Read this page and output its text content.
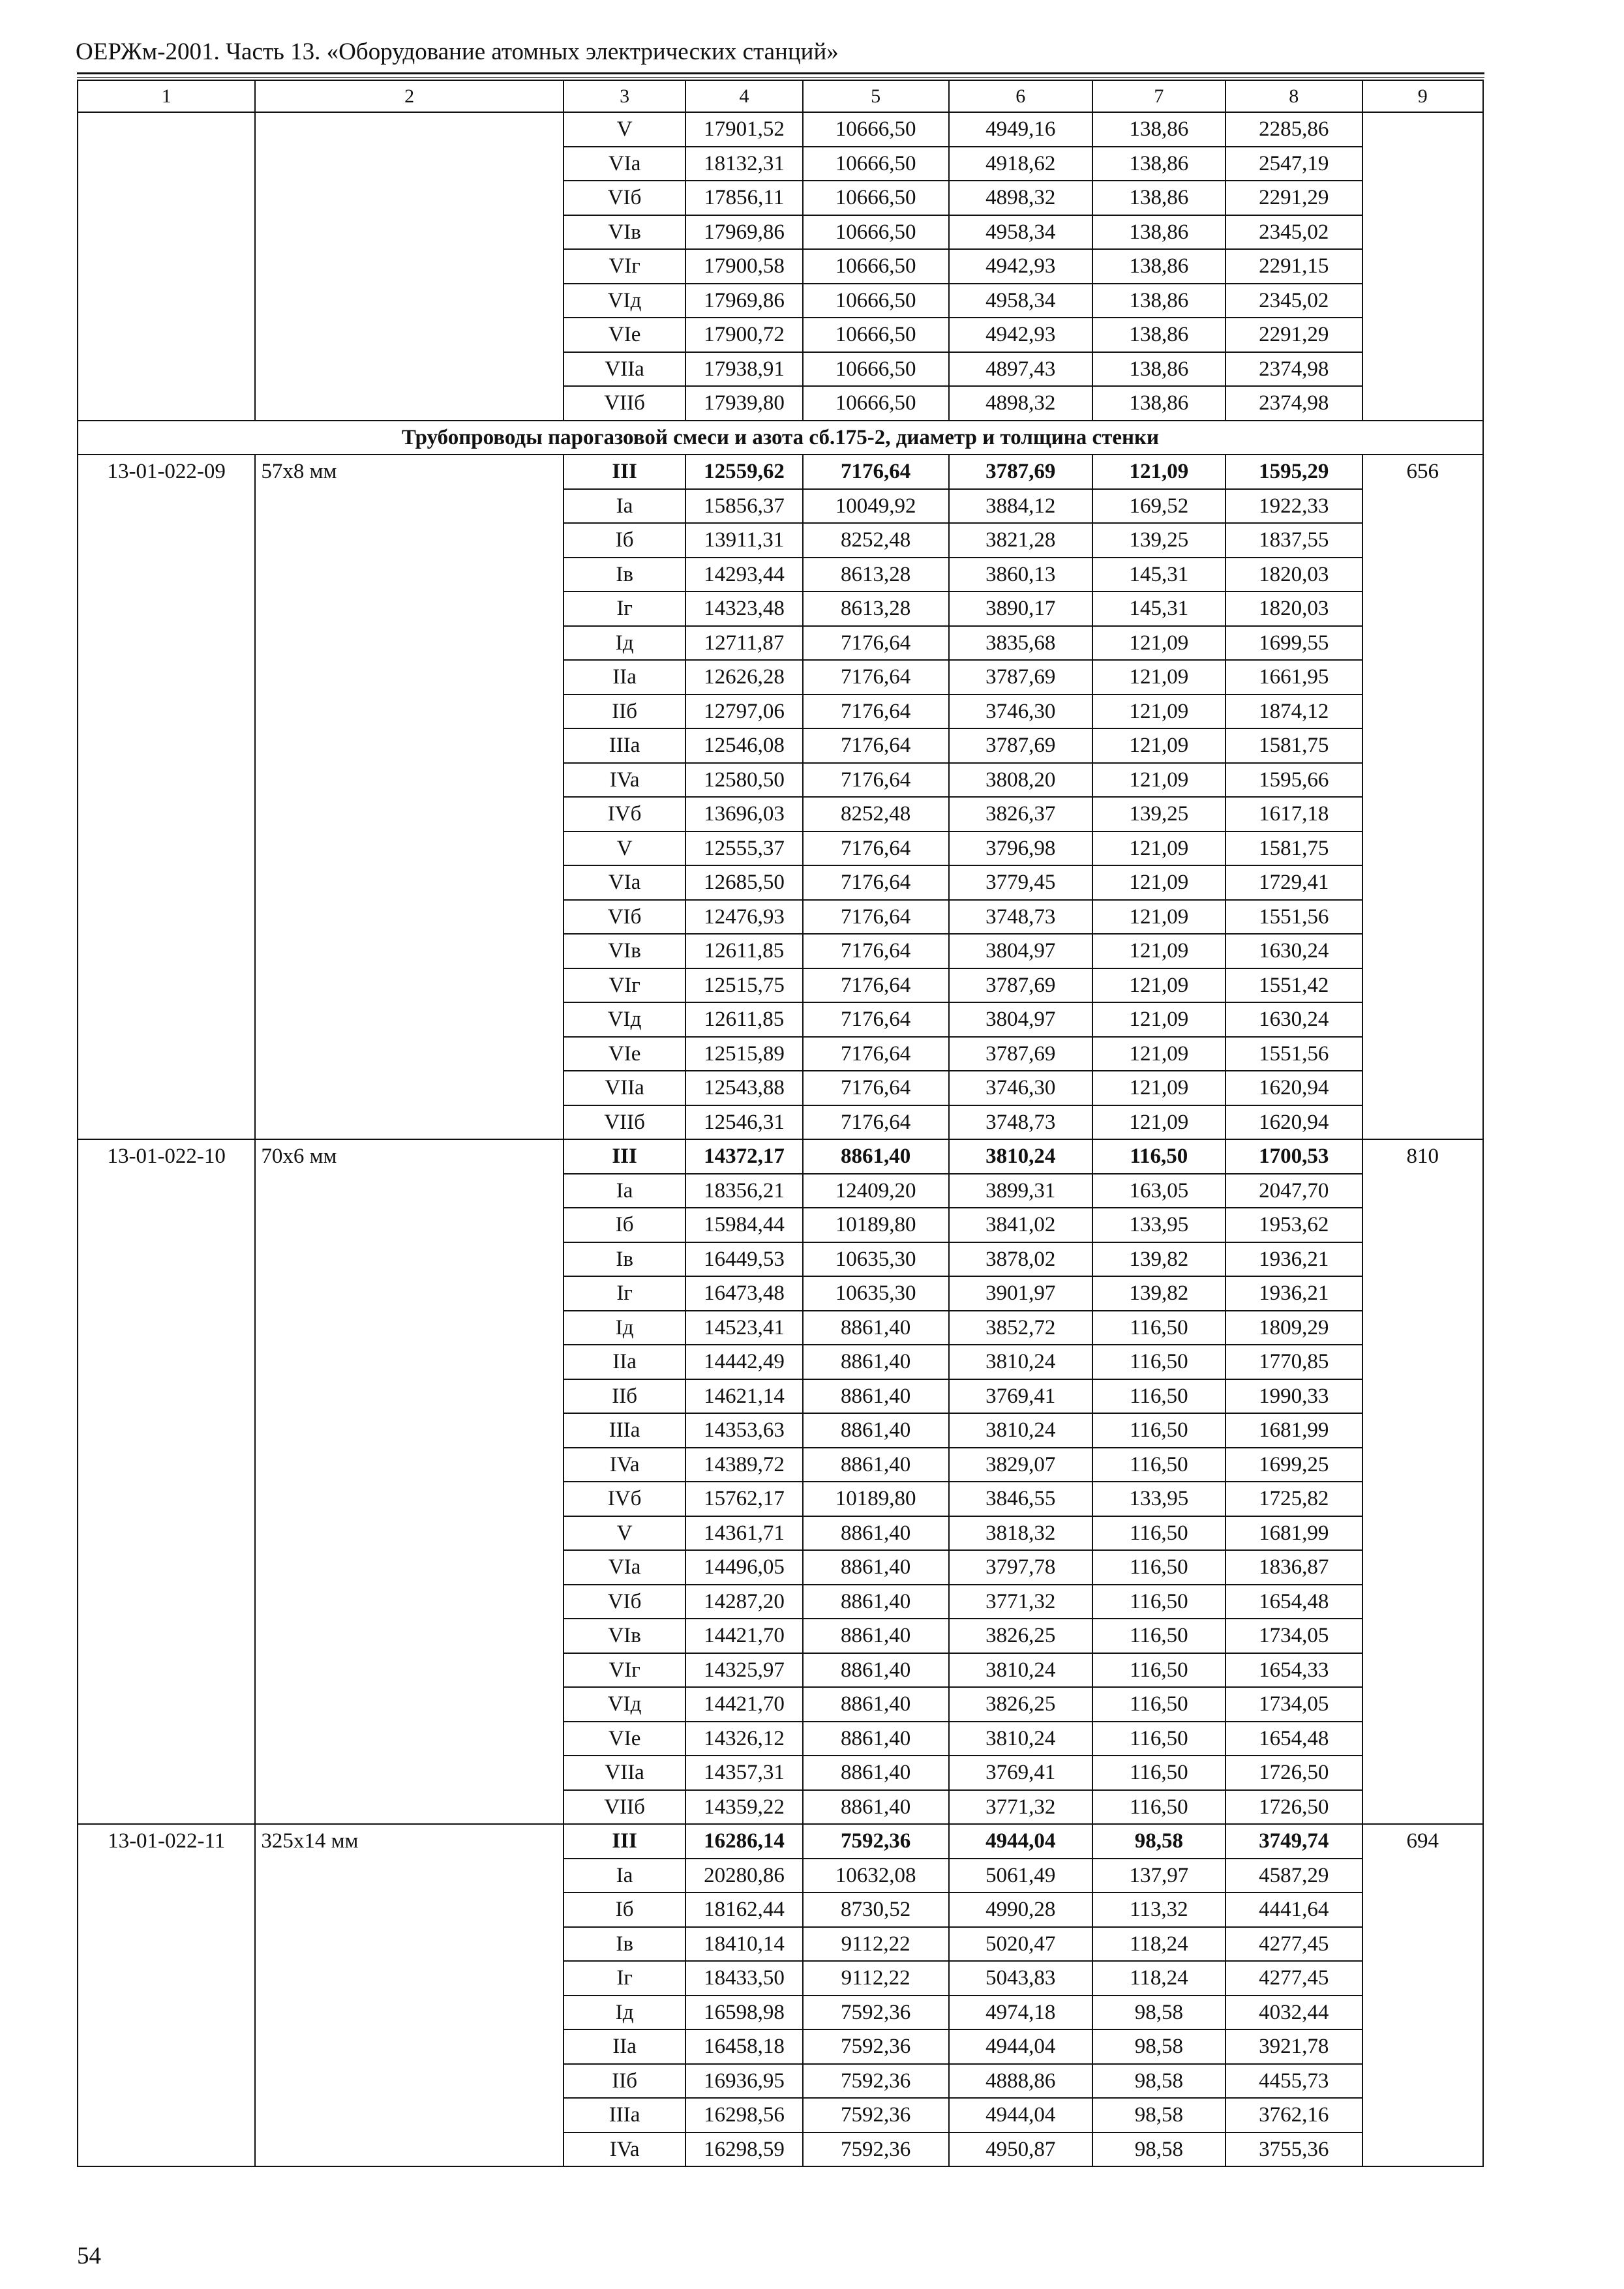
ОЕРЖм-2001. Часть 13. «Оборудование атомных электрических станций»
1	2	3	4	5	6	7	8	9
		V	17901,52	10666,50	4949,16	138,86	2285,86	
		VIa	18132,31	10666,50	4918,62	138,86	2547,19	
		VIб	17856,11	10666,50	4898,32	138,86	2291,29	
		VIв	17969,86	10666,50	4958,34	138,86	2345,02	
		VIг	17900,58	10666,50	4942,93	138,86	2291,15	
		VIд	17969,86	10666,50	4958,34	138,86	2345,02	
		VIe	17900,72	10666,50	4942,93	138,86	2291,29	
		VIIa	17938,91	10666,50	4897,43	138,86	2374,98	
		VIIб	17939,80	10666,50	4898,32	138,86	2374,98	
Трубопроводы парогазовой смеси и азота сб.175-2, диаметр и толщина стенки								
13-01-022-09	57x8 мм	III	12559,62	7176,64	3787,69	121,09	1595,29	656
		Ia	15856,37	10049,92	3884,12	169,52	1922,33	
		Iб	13911,31	8252,48	3821,28	139,25	1837,55	
		Iв	14293,44	8613,28	3860,13	145,31	1820,03	
		Iг	14323,48	8613,28	3890,17	145,31	1820,03	
		Iд	12711,87	7176,64	3835,68	121,09	1699,55	
		IIa	12626,28	7176,64	3787,69	121,09	1661,95	
		IIб	12797,06	7176,64	3746,30	121,09	1874,12	
		IIIa	12546,08	7176,64	3787,69	121,09	1581,75	
		IVa	12580,50	7176,64	3808,20	121,09	1595,66	
		IVб	13696,03	8252,48	3826,37	139,25	1617,18	
		V	12555,37	7176,64	3796,98	121,09	1581,75	
		VIa	12685,50	7176,64	3779,45	121,09	1729,41	
		VIб	12476,93	7176,64	3748,73	121,09	1551,56	
		VIв	12611,85	7176,64	3804,97	121,09	1630,24	
		VIг	12515,75	7176,64	3787,69	121,09	1551,42	
		VIд	12611,85	7176,64	3804,97	121,09	1630,24	
		VIe	12515,89	7176,64	3787,69	121,09	1551,56	
		VIIa	12543,88	7176,64	3746,30	121,09	1620,94	
		VIIб	12546,31	7176,64	3748,73	121,09	1620,94	
13-01-022-10	70x6 мм	III	14372,17	8861,40	3810,24	116,50	1700,53	810
		Ia	18356,21	12409,20	3899,31	163,05	2047,70	
		Iб	15984,44	10189,80	3841,02	133,95	1953,62	
		Iв	16449,53	10635,30	3878,02	139,82	1936,21	
		Iг	16473,48	10635,30	3901,97	139,82	1936,21	
		Iд	14523,41	8861,40	3852,72	116,50	1809,29	
		IIa	14442,49	8861,40	3810,24	116,50	1770,85	
		IIб	14621,14	8861,40	3769,41	116,50	1990,33	
		IIIa	14353,63	8861,40	3810,24	116,50	1681,99	
		IVa	14389,72	8861,40	3829,07	116,50	1699,25	
		IVб	15762,17	10189,80	3846,55	133,95	1725,82	
		V	14361,71	8861,40	3818,32	116,50	1681,99	
		VIa	14496,05	8861,40	3797,78	116,50	1836,87	
		VIб	14287,20	8861,40	3771,32	116,50	1654,48	
		VIв	14421,70	8861,40	3826,25	116,50	1734,05	
		VIг	14325,97	8861,40	3810,24	116,50	1654,33	
		VIд	14421,70	8861,40	3826,25	116,50	1734,05	
		VIe	14326,12	8861,40	3810,24	116,50	1654,48	
		VIIa	14357,31	8861,40	3769,41	116,50	1726,50	
		VIIб	14359,22	8861,40	3771,32	116,50	1726,50	
13-01-022-11	325x14 мм	III	16286,14	7592,36	4944,04	98,58	3749,74	694
		Ia	20280,86	10632,08	5061,49	137,97	4587,29	
		Iб	18162,44	8730,52	4990,28	113,32	4441,64	
		Iв	18410,14	9112,22	5020,47	118,24	4277,45	
		Iг	18433,50	9112,22	5043,83	118,24	4277,45	
		Iд	16598,98	7592,36	4974,18	98,58	4032,44	
		IIa	16458,18	7592,36	4944,04	98,58	3921,78	
		IIб	16936,95	7592,36	4888,86	98,58	4455,73	
		IIIa	16298,56	7592,36	4944,04	98,58	3762,16	
		IVa	16298,59	7592,36	4950,87	98,58	3755,36	
54
